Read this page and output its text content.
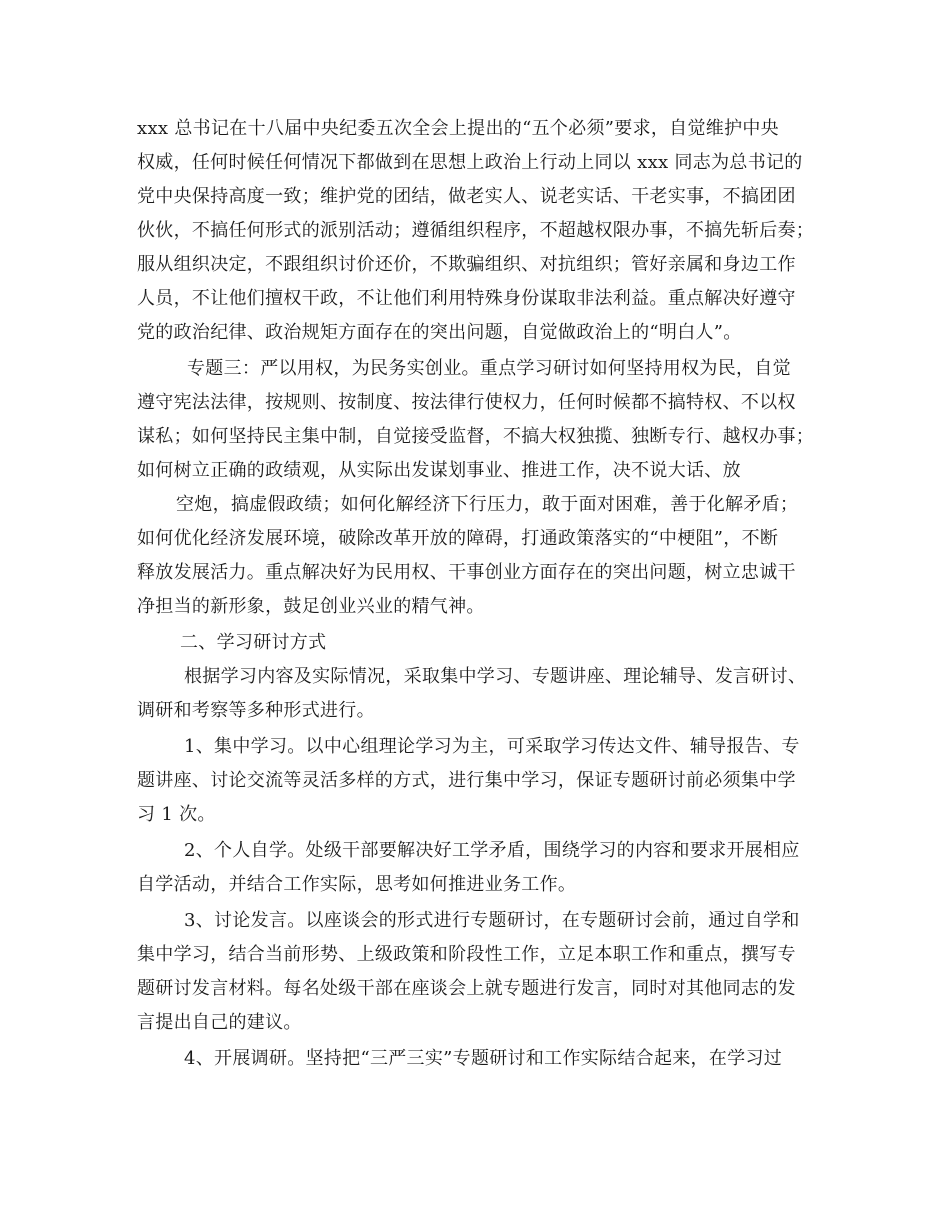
xxx 总书记在十八届中央纪委五次全会上提出的“五个必须”要求，自觉维护中央
权威，任何时候任何情况下都做到在思想上政治上行动上同以 xxx 同志为总书记的
党中央保持高度一致；维护党的团结，做老实人、说老实话、干老实事，不搞团团
伙伙，不搞任何形式的派别活动；遵循组织程序，不超越权限办事，不搞先斩后奏；
服从组织决定，不跟组织讨价还价，不欺骗组织、对抗组织；管好亲属和身边工作
人员，不让他们擅权干政，不让他们利用特殊身份谋取非法利益。重点解决好遵守
党的政治纪律、政治规矩方面存在的突出问题，自觉做政治上的“明白人”。
专题三：严以用权，为民务实创业。重点学习研讨如何坚持用权为民，自觉
遵守宪法法律，按规则、按制度、按法律行使权力，任何时候都不搞特权、不以权
谋私；如何坚持民主集中制，自觉接受监督，不搞大权独揽、独断专行、越权办事；
如何树立正确的政绩观，从实际出发谋划事业、推进工作，决不说大话、放
空炮，搞虚假政绩；如何化解经济下行压力，敢于面对困难，善于化解矛盾；
如何优化经济发展环境，破除改革开放的障碍，打通政策落实的“中梗阻”，不断
释放发展活力。重点解决好为民用权、干事创业方面存在的突出问题，树立忠诚干
净担当的新形象，鼓足创业兴业的精气神。
二、学习研讨方式
根据学习内容及实际情况，采取集中学习、专题讲座、理论辅导、发言研讨、
调研和考察等多种形式进行。
1、集中学习。以中心组理论学习为主，可采取学习传达文件、辅导报告、专
题讲座、讨论交流等灵活多样的方式，进行集中学习，保证专题研讨前必须集中学
习 1 次。
2、个人自学。处级干部要解决好工学矛盾，围绕学习的内容和要求开展相应
自学活动，并结合工作实际，思考如何推进业务工作。
3、讨论发言。以座谈会的形式进行专题研讨，在专题研讨会前，通过自学和
集中学习，结合当前形势、上级政策和阶段性工作，立足本职工作和重点，撰写专
题研讨发言材料。每名处级干部在座谈会上就专题进行发言，同时对其他同志的发
言提出自己的建议。
4、开展调研。坚持把“三严三实”专题研讨和工作实际结合起来，在学习过
